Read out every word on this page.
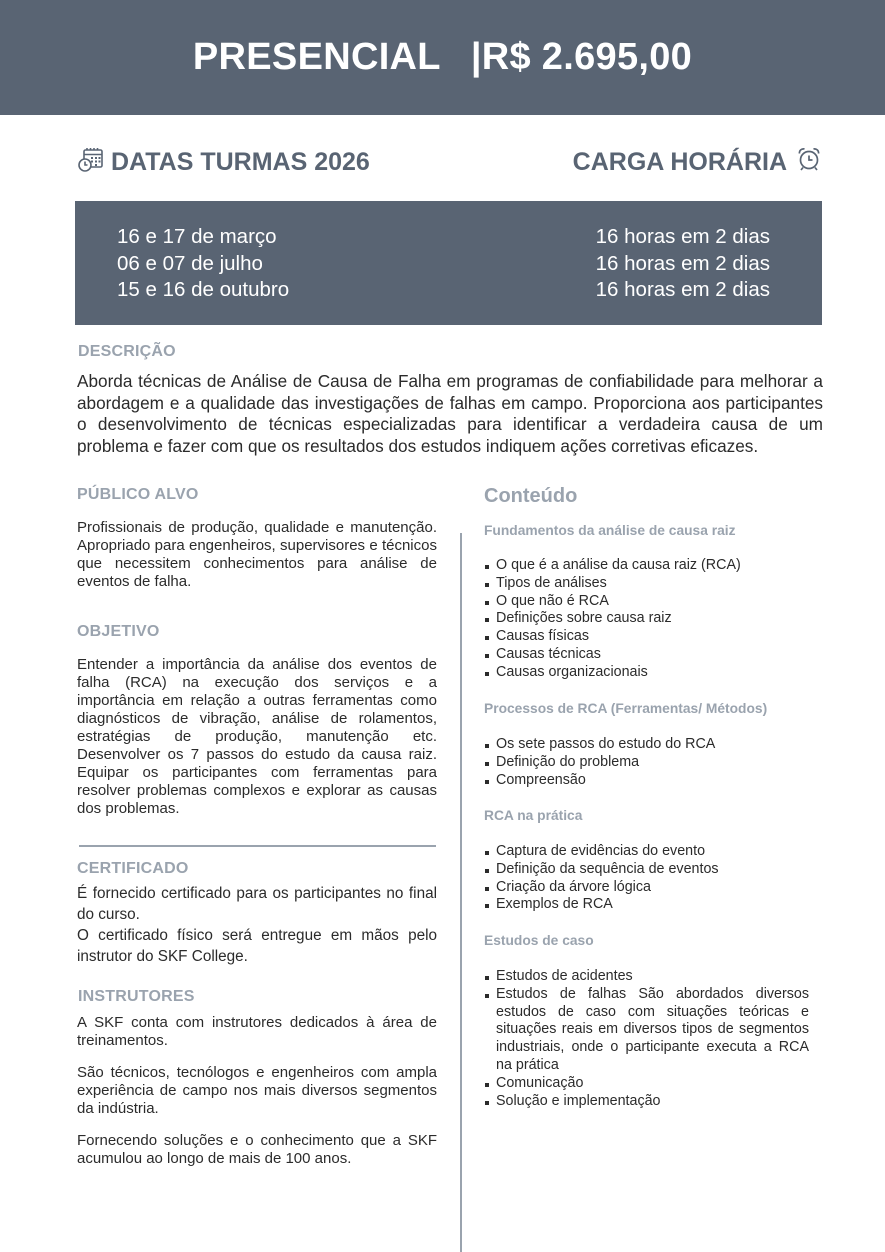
PRESENCIAL | R$ 2.695,00
DATAS TURMAS 2026	CARGA HORÁRIA
16 e 17 de março
06 e 07 de julho
15 e 16 de outubro
16 horas em 2 dias
16 horas em 2 dias
16 horas em 2 dias
DESCRIÇÃO
Aborda técnicas de Análise de Causa de Falha em programas de confiabilidade para melhorar a abordagem e a qualidade das investigações de falhas em campo. Proporciona aos participantes o desenvolvimento de técnicas especializadas para identificar a verdadeira causa de um problema e fazer com que os resultados dos estudos indiquem ações corretivas eficazes.
PÚBLICO ALVO
Profissionais de produção, qualidade e manutenção. Apropriado para engenheiros, supervisores e técnicos que necessitem conhecimentos para análise de eventos de falha.
OBJETIVO
Entender a importância da análise dos eventos de falha (RCA) na execução dos serviços e a importância em relação a outras ferramentas como diagnósticos de vibração, análise de rolamentos, estratégias de produção, manutenção etc. Desenvolver os 7 passos do estudo da causa raiz. Equipar os participantes com ferramentas para resolver problemas complexos e explorar as causas dos problemas.
CERTIFICADO

É fornecido certificado para os participantes no final do curso.

O certificado físico será entregue em mãos pelo instrutor do SKF College.

INSTRUTORES

A SKF conta com instrutores dedicados à área de treinamentos.

São técnicos, tecnólogos e engenheiros com ampla experiência de campo nos mais diversos segmentos da indústria.

Fornecendo soluções e o conhecimento que a SKF acumulou ao longo de mais de 100 anos.

Conteúdo
Fundamentos da análise de causa raiz
O que é a análise da causa raiz (RCA)
Tipos de análises
O que não é RCA
Definições sobre causa raiz
Causas físicas
Causas técnicas
Causas organizacionais
Processos de RCA (Ferramentas/ Métodos)
Os sete passos do estudo do RCA
Definição do problema
Compreensão
RCA na prática
Captura de evidências do evento
Definição da sequência de eventos
Criação da árvore lógica
Exemplos de RCA
Estudos de caso
Estudos de acidentes
Estudos de falhas São abordados diversos estudos de caso com situações teóricas e situações reais em diversos tipos de segmentos industriais, onde o participante executa a RCA na prática
Comunicação
Solução e implementação
